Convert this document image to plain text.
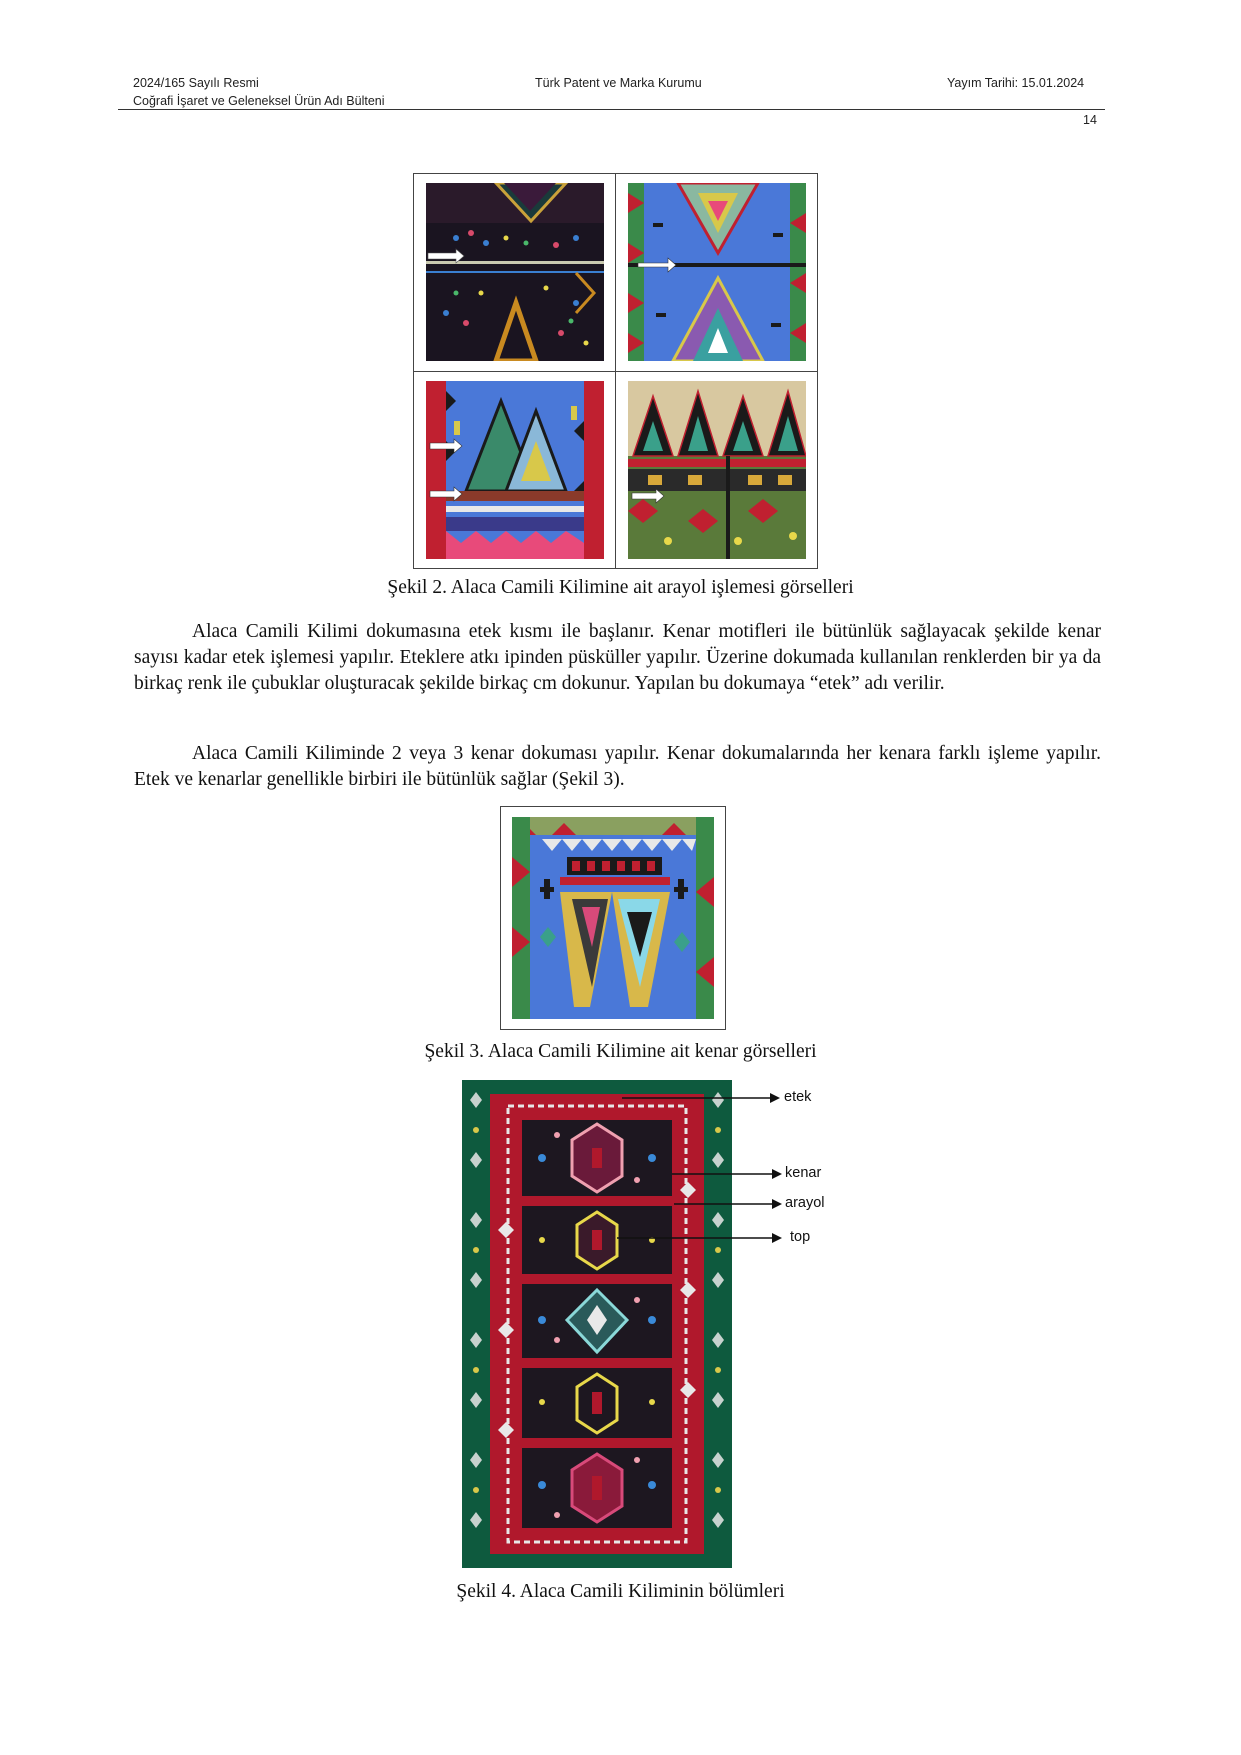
2024/165 Sayılı Resmi
Coğrafi İşaret ve Geleneksel Ürün Adı Bülteni
Türk Patent ve Marka Kurumu	Yayım Tarihi: 15.01.2024
14
Şekil 2. Alaca Camili Kilimine ait arayol işlemesi görselleri

Alaca Camili Kilimi dokumasına etek kısmı ile başlanır. Kenar motifleri ile bütünlük sağlayacak şekilde kenar sayısı kadar etek işlemesi yapılır. Eteklere atkı ipinden püsküller yapılır. Üzerine dokumada kullanılan renklerden bir ya da birkaç renk ile çubuklar oluşturacak şekilde birkaç cm dokunur. Yapılan bu dokumaya “etek” adı verilir.

Alaca Camili Kiliminde 2 veya 3 kenar dokuması yapılır. Kenar dokumalarında her kenara farklı işleme yapılır. Etek ve kenarlar genellikle birbiri ile bütünlük sağlar (Şekil 3).

Şekil 3. Alaca Camili Kilimine ait kenar görselleri
etek
kenar
arayol
top
Şekil 4. Alaca Camili Kiliminin bölümleri
